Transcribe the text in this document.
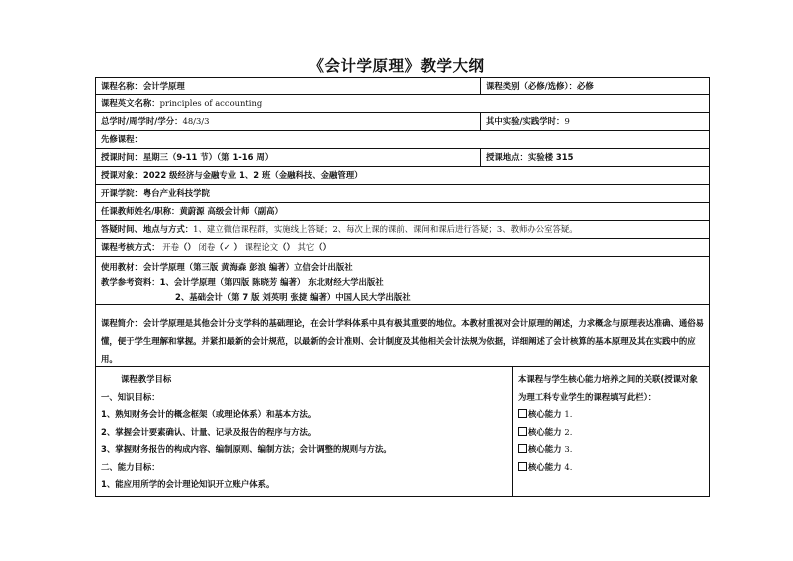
《会计学原理》教学大纲
课程名称：会计学原理	课程类别（必修/选修）：必修
课程英文名称：principles of accounting
总学时/周学时/学分：48/3/3	其中实验/实践学时：9
先修课程：
授课时间：星期三（9-11 节）（第 1-16 周）	授课地点：实验楼 315
授课对象：2022 级经济与金融专业 1、2 班（金融科技、金融管理）
开课学院：粤台产业科技学院
任课教师姓名/职称：黄蔚源 高级会计师（副高）
答疑时间、地点与方式：1、建立微信课程群，实施线上答疑；2、每次上课的课前、课间和课后进行答疑；3、教师办公室答疑。
课程考核方式： 开卷（） 闭卷（✓ ） 课程论文（） 其它（）
使用教材：会计学原理（第三版 黄海森 彭浪 编著）立信会计出版社
教学参考资料：1、会计学原理（第四版 陈晓芳 编著） 东北财经大学出版社
2、基础会计（第 7 版 刘英明 张捷 编著）中国人民大学出版社
课程简介：会计学原理是其他会计分支学科的基础理论，在会计学科体系中具有极其重要的地位。本教材重视对会计原理的阐述，力求概念与原理表达准确、通俗易懂，便于学生理解和掌握。并紧扣最新的会计规范，以最新的会计准则、会计制度及其他相关会计法规为依据，详细阐述了会计核算的基本原理及其在实践中的应用。
课程教学目标
一、知识目标：
1、熟知财务会计的概念框架（或理论体系）和基本方法。
2、掌握会计要素确认、计量、记录及报告的程序与方法。
3、掌握财务报告的构成内容、编制原则、编制方法；会计调整的规则与方法。
二、能力目标：
1、能应用所学的会计理论知识开立账户体系。
本课程与学生核心能力培养之间的关联(授课对象为理工科专业学生的课程填写此栏）：
核心能力 1.
核心能力 2.
核心能力 3.
核心能力 4.
